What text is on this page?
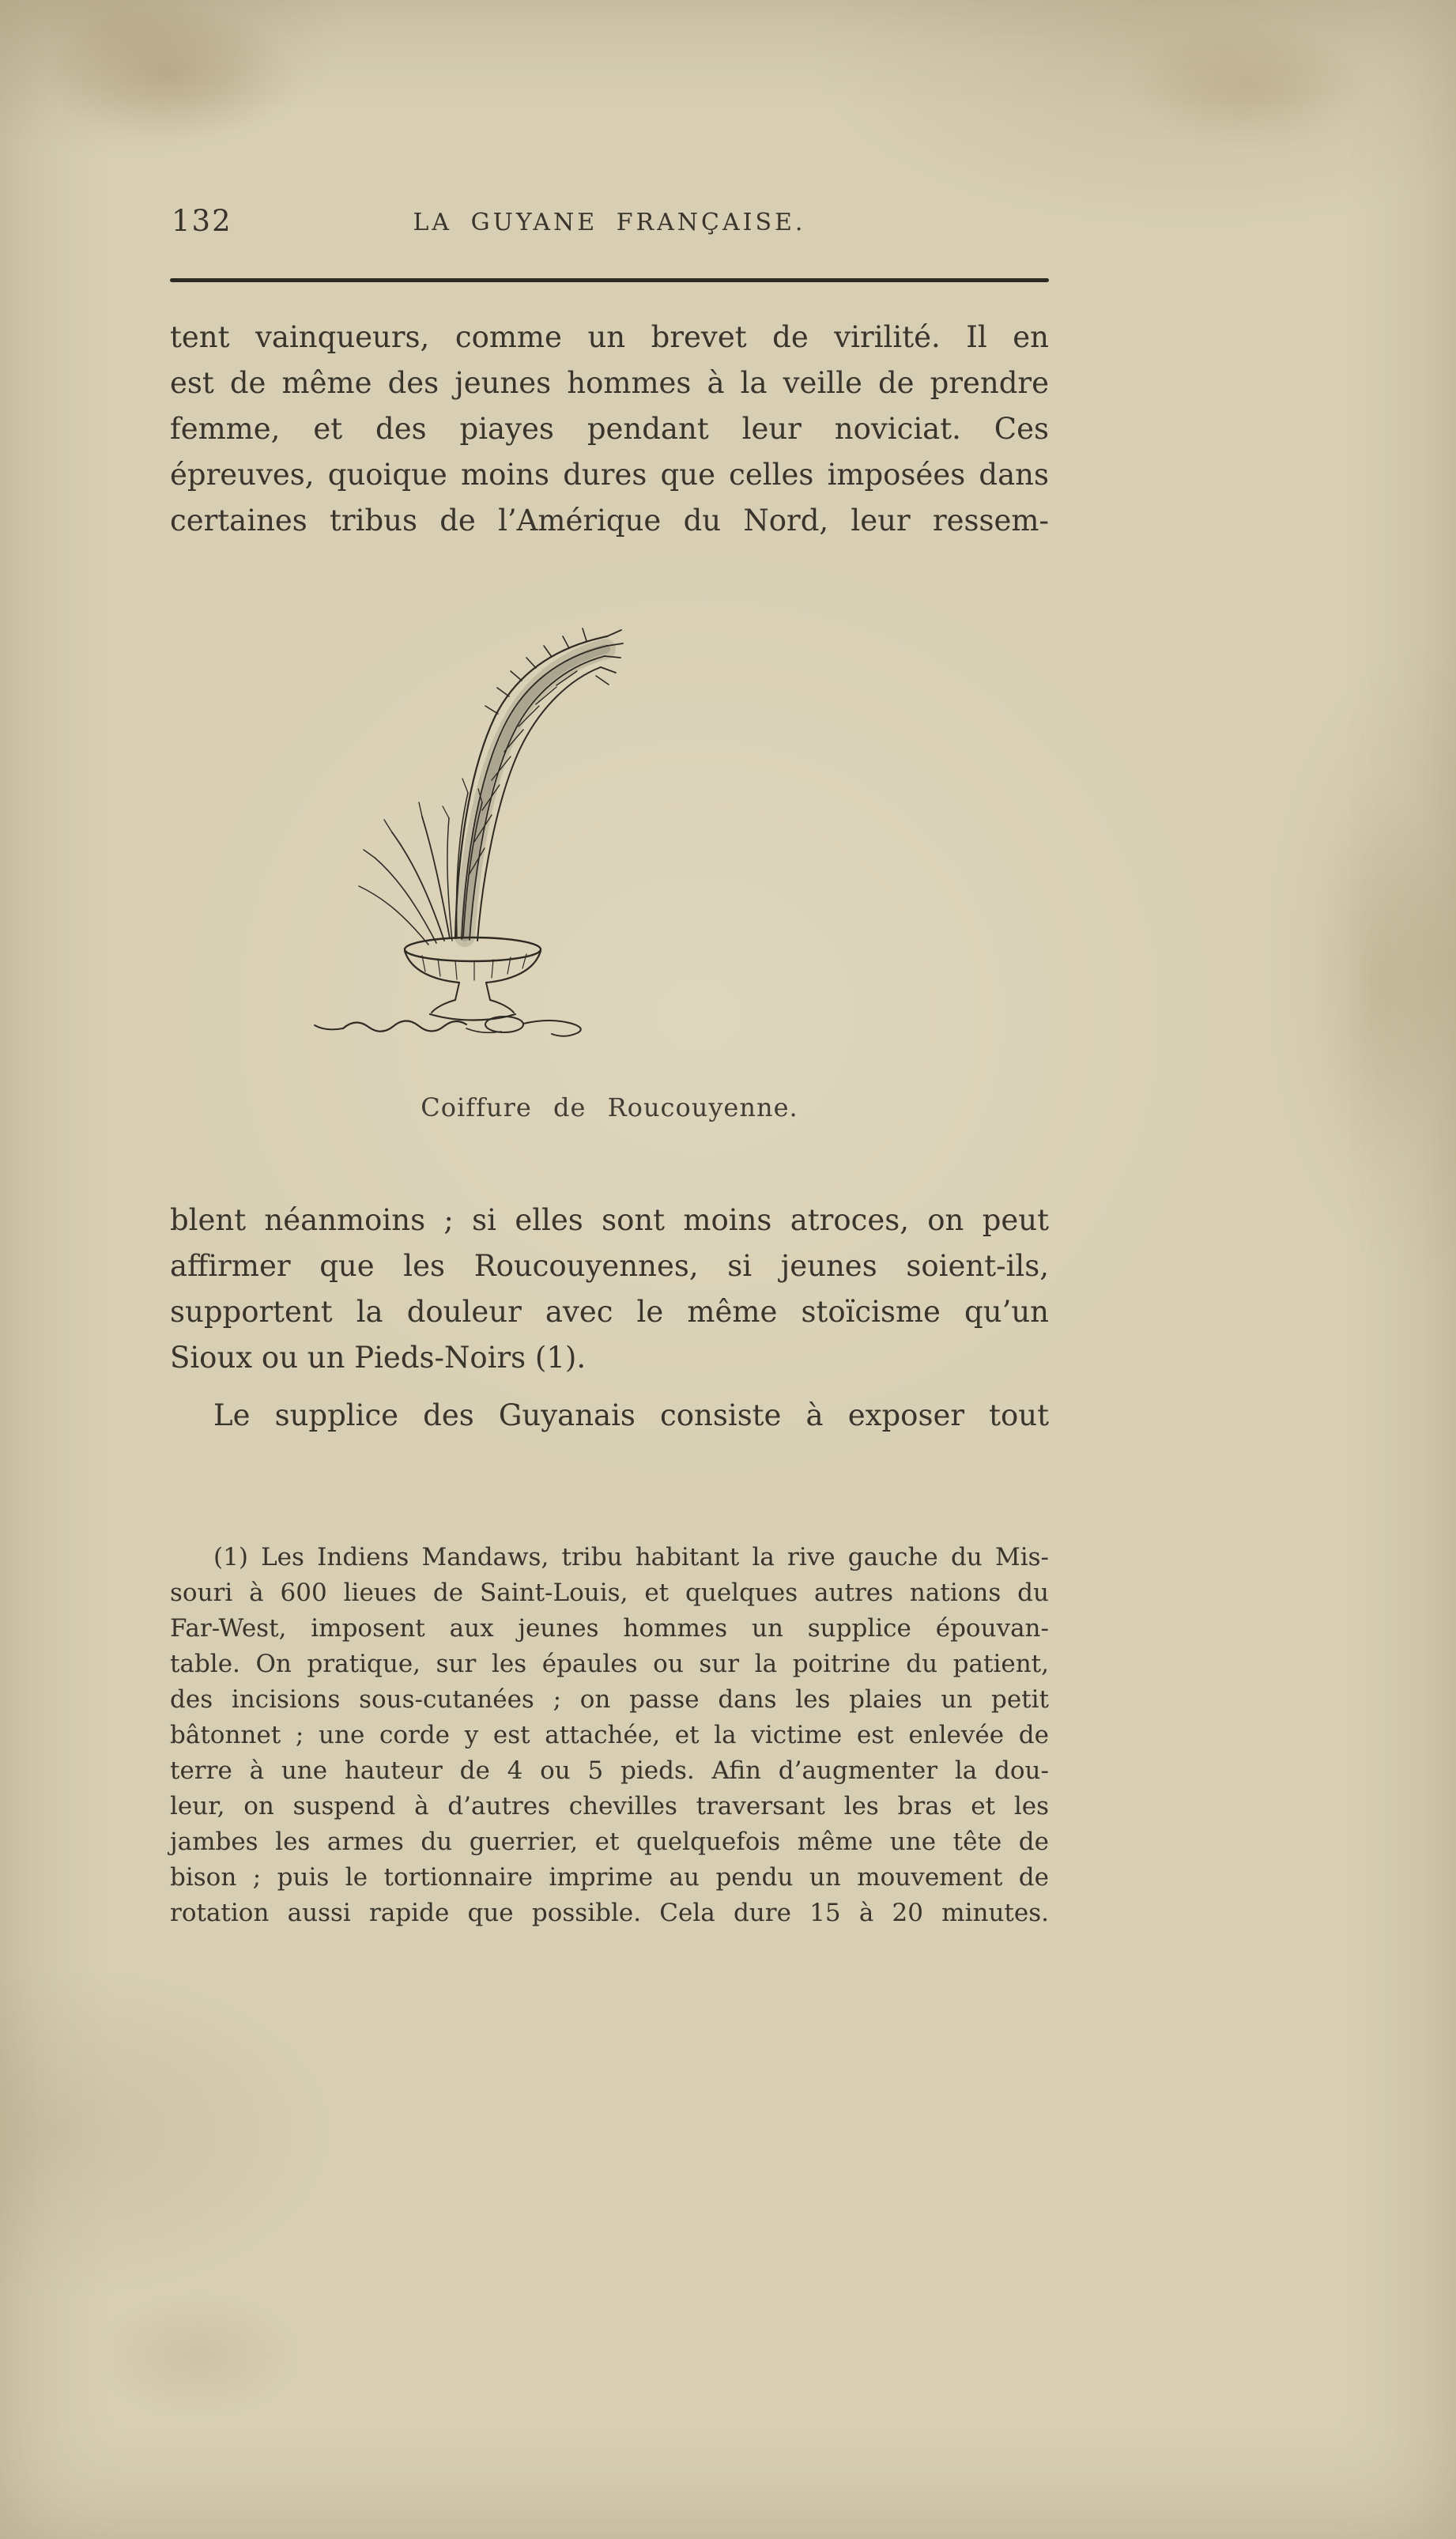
132	LA GUYANE FRANÇAISE.
tent vainqueurs, comme un brevet de virilité. Il en
est de même des jeunes hommes à la veille de prendre
femme, et des piayes pendant leur noviciat. Ces
épreuves, quoique moins dures que celles imposées dans
certaines tribus de l’Amérique du Nord, leur ressem-
Coiffure de Roucouyenne.
blent néanmoins ; si elles sont moins atroces, on peut
affirmer que les Roucouyennes, si jeunes soient-ils,
supportent la douleur avec le même stoïcisme qu’un
Sioux ou un Pieds-Noirs (1).
Le supplice des Guyanais consiste à exposer tout
(1) Les Indiens Mandaws, tribu habitant la rive gauche du Mis-
souri à 600 lieues de Saint-Louis, et quelques autres nations du
Far-West, imposent aux jeunes hommes un supplice épouvan-
table. On pratique, sur les épaules ou sur la poitrine du patient,
des incisions sous-cutanées ; on passe dans les plaies un petit
bâtonnet ; une corde y est attachée, et la victime est enlevée de
terre à une hauteur de 4 ou 5 pieds. Afin d’augmenter la dou-
leur, on suspend à d’autres chevilles traversant les bras et les
jambes les armes du guerrier, et quelquefois même une tête de
bison ; puis le tortionnaire imprime au pendu un mouvement de
rotation aussi rapide que possible. Cela dure 15 à 20 minutes.
